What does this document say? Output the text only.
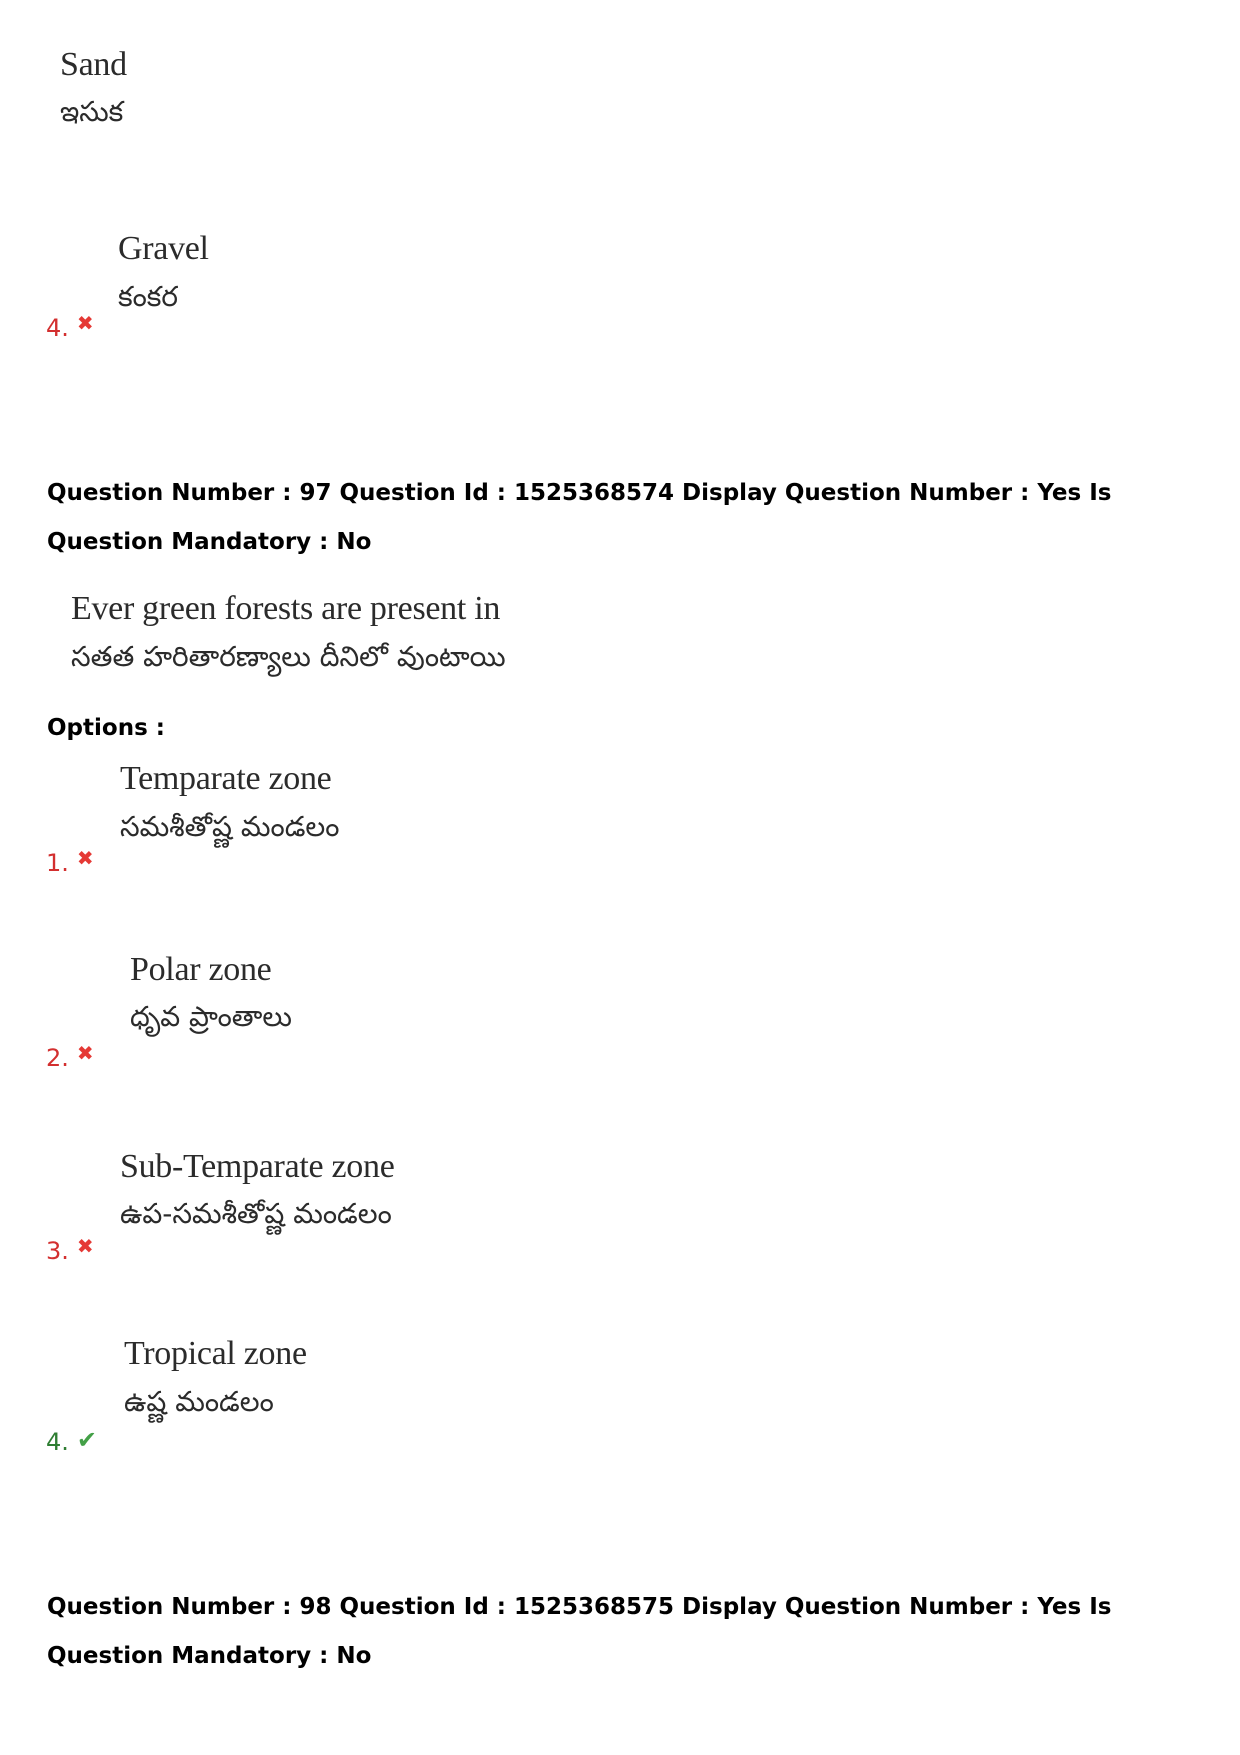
Sand
ఇసుక
Gravel
కంకర
4. ✖
Question Number : 97 Question Id : 1525368574 Display Question Number : Yes Is Question Mandatory : No
Ever green forests are present in
సతత హరితారణ్యాలు దీనిలో వుంటాయి
Options :
Temparate zone
సమశీతోష్ణ మండలం
1. ✖
Polar zone
ధృవ ప్రాంతాలు
2. ✖
Sub-Temparate zone
ఉప-సమశీతోష్ణ మండలం
3. ✖
Tropical zone
ఉష్ణ మండలం
4. ✔
Question Number : 98 Question Id : 1525368575 Display Question Number : Yes Is Question Mandatory : No
